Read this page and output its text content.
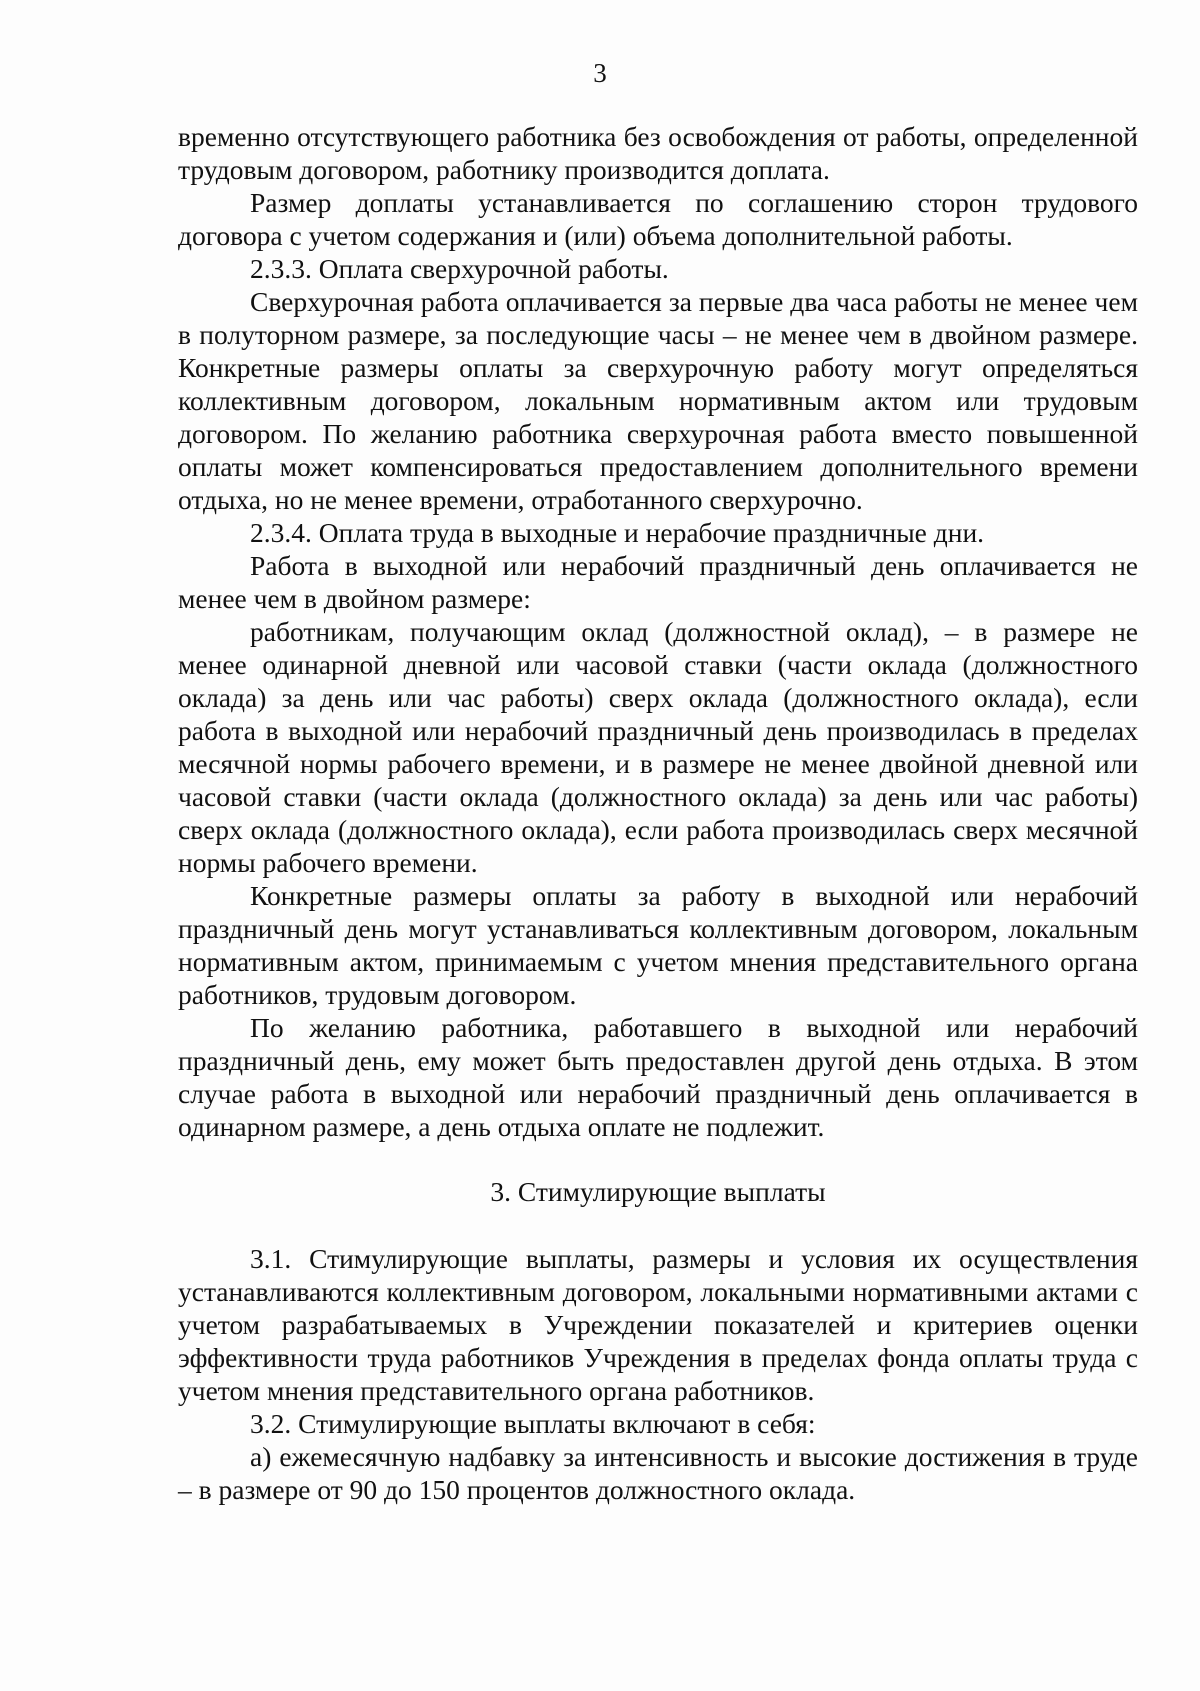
3

временно отсутствующего работника без освобождения от работы, определенной трудовым договором, работнику производится доплата.

Размер доплаты устанавливается по соглашению сторон трудового договора с учетом содержания и (или) объема дополнительной работы.

2.3.3. Оплата сверхурочной работы.

Сверхурочная работа оплачивается за первые два часа работы не менее чем в полуторном размере, за последующие часы – не менее чем в двойном размере. Конкретные размеры оплаты за сверхурочную работу могут определяться коллективным договором, локальным нормативным актом или трудовым договором. По желанию работника сверхурочная работа вместо повышенной оплаты может компенсироваться предоставлением дополнительного времени отдыха, но не менее времени, отработанного сверхурочно.

2.3.4. Оплата труда в выходные и нерабочие праздничные дни.

Работа в выходной или нерабочий праздничный день оплачивается не менее чем в двойном размере:

работникам, получающим оклад (должностной оклад), – в размере не менее одинарной дневной или часовой ставки (части оклада (должностного оклада) за день или час работы) сверх оклада (должностного оклада), если работа в выходной или нерабочий праздничный день производилась в пределах месячной нормы рабочего времени, и в размере не менее двойной дневной или часовой ставки (части оклада (должностного оклада) за день или час работы) сверх оклада (должностного оклада), если работа производилась сверх месячной нормы рабочего времени.

Конкретные размеры оплаты за работу в выходной или нерабочий праздничный день могут устанавливаться коллективным договором, локальным нормативным актом, принимаемым с учетом мнения представительного органа работников, трудовым договором.

По желанию работника, работавшего в выходной или нерабочий праздничный день, ему может быть предоставлен другой день отдыха. В этом случае работа в выходной или нерабочий праздничный день оплачивается в одинарном размере, а день отдыха оплате не подлежит.

3. Стимулирующие выплаты

3.1. Стимулирующие выплаты, размеры и условия их осуществления устанавливаются коллективным договором, локальными нормативными актами с учетом разрабатываемых в Учреждении показателей и критериев оценки эффективности труда работников Учреждения в пределах фонда оплаты труда с учетом мнения представительного органа работников.

3.2. Стимулирующие выплаты включают в себя:

а) ежемесячную надбавку за интенсивность и высокие достижения в труде – в размере от 90 до 150 процентов должностного оклада.
